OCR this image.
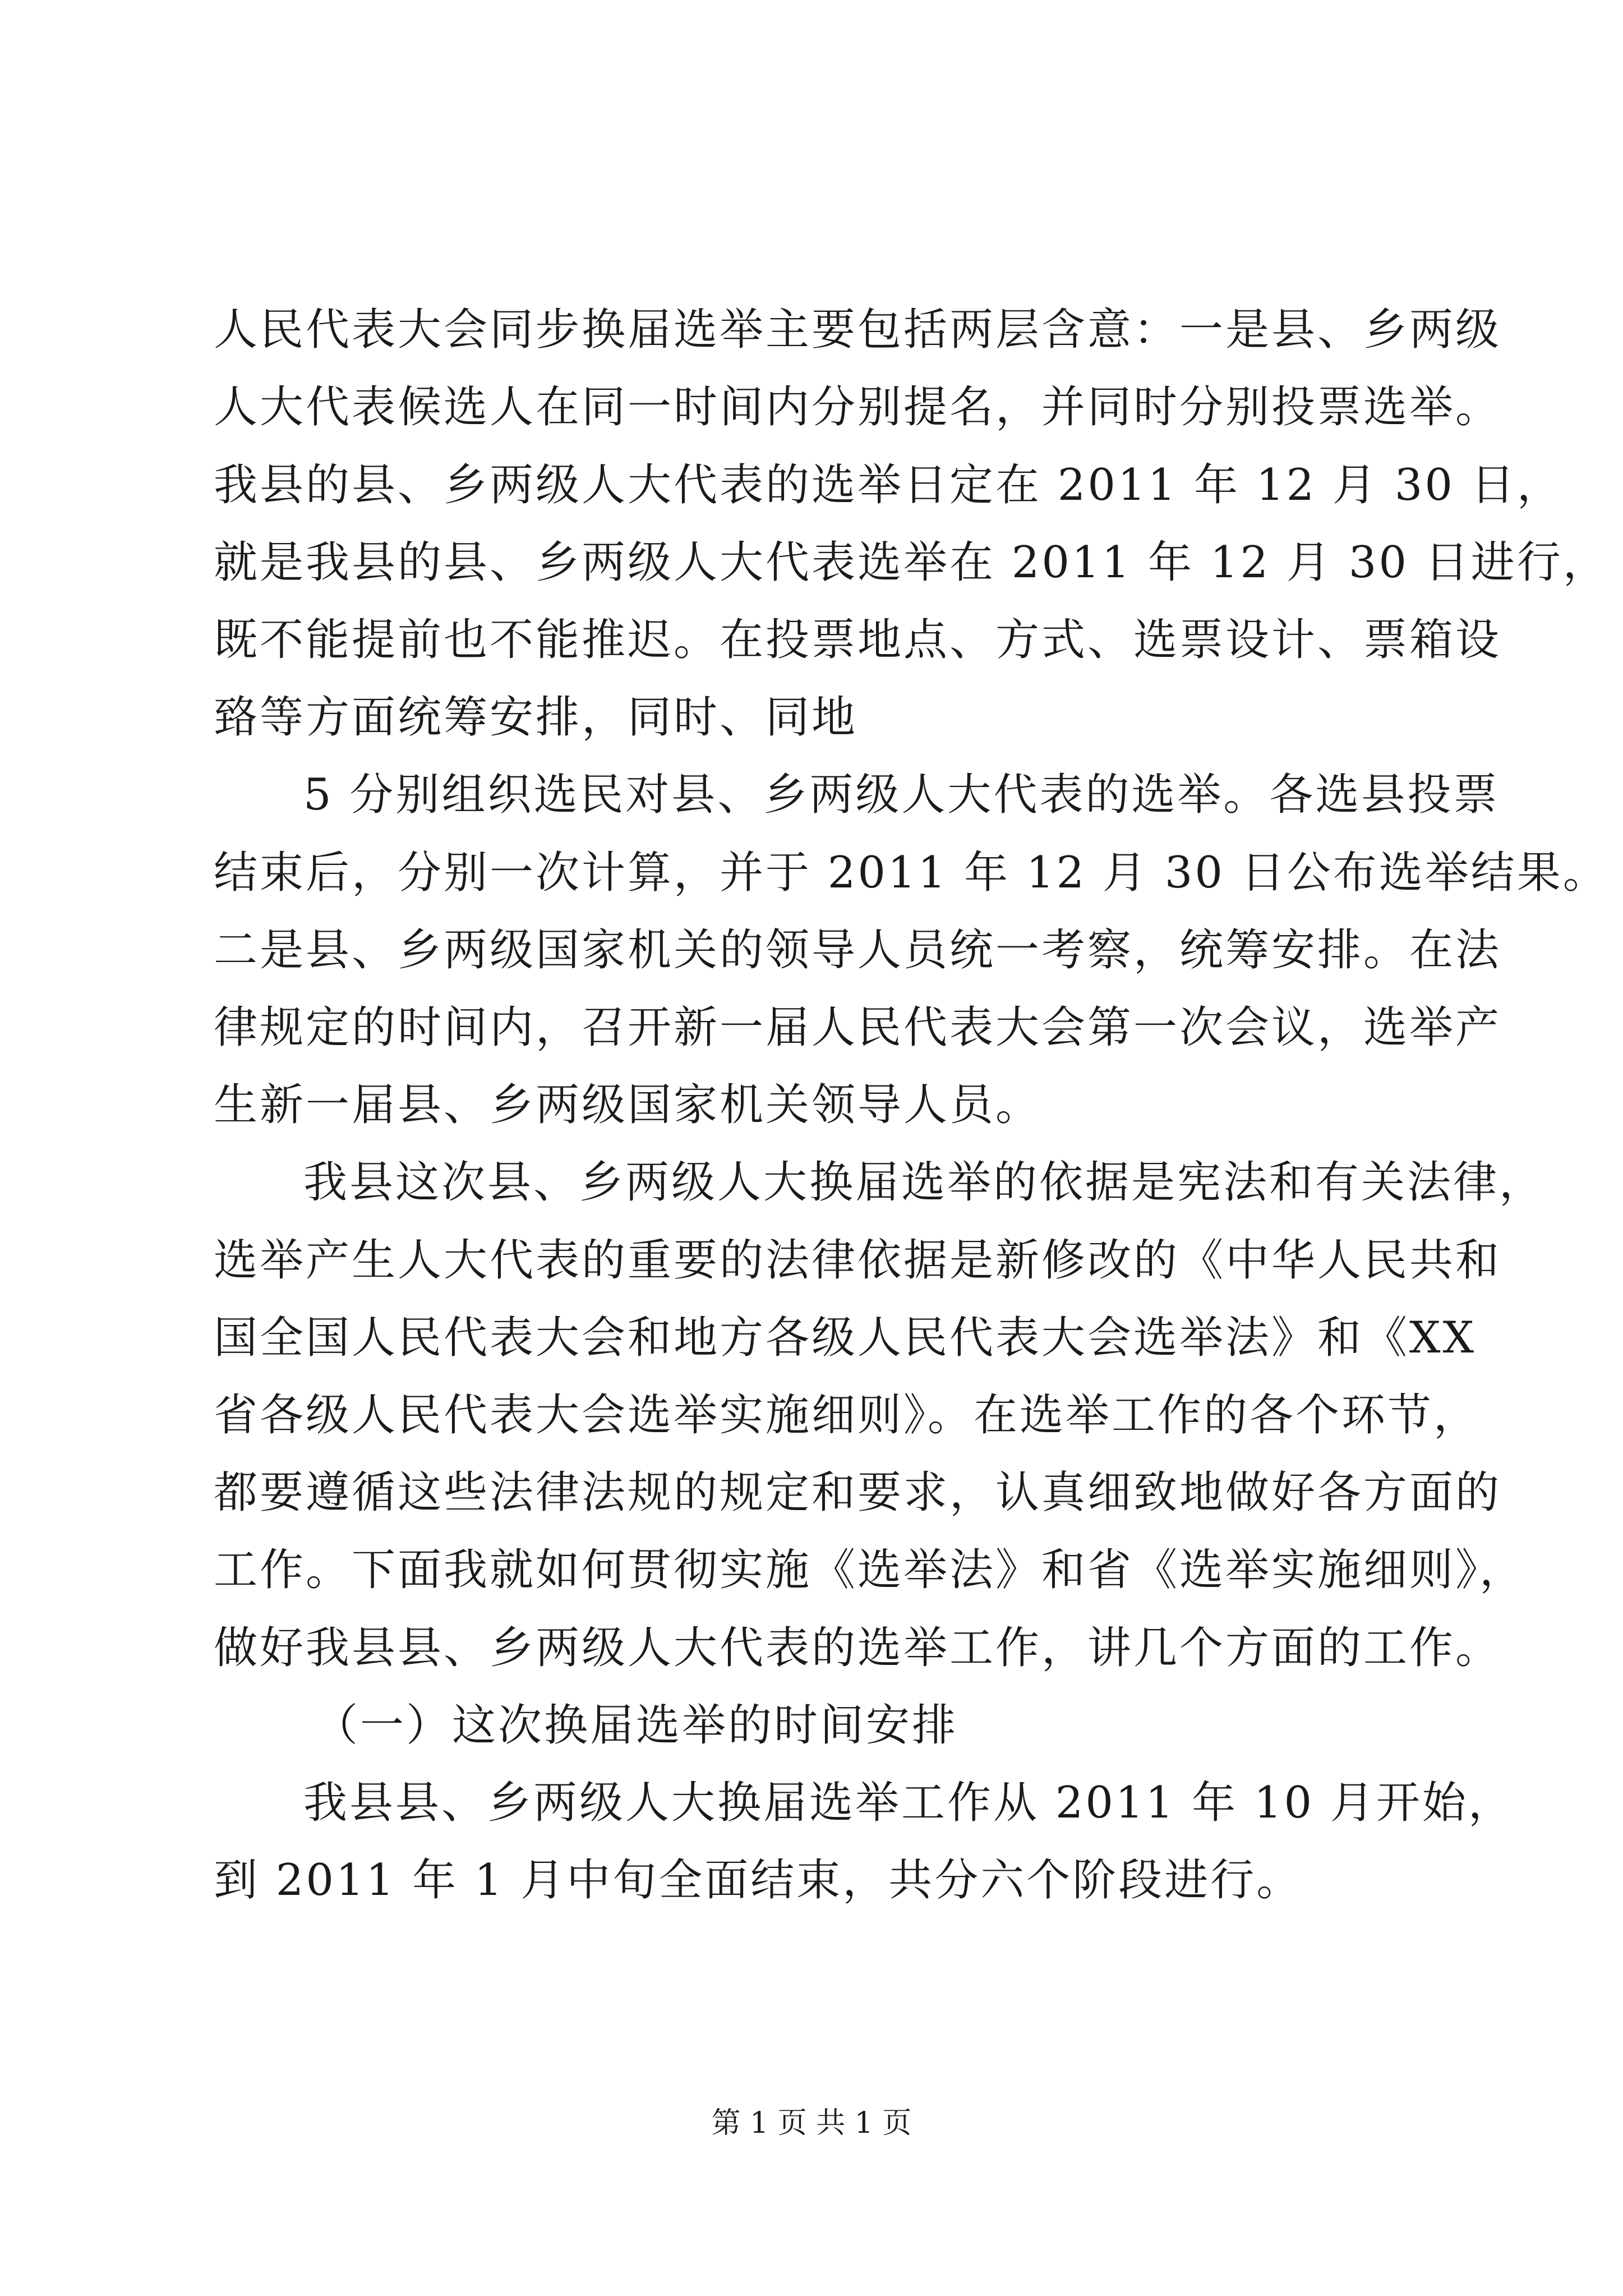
人民代表大会同步换届选举主要包括两层含意：一是县、乡两级
人大代表候选人在同一时间内分别提名，并同时分别投票选举。
我县的县、乡两级人大代表的选举日定在 2011 年 12 月 30 日，
就是我县的县、乡两级人大代表选举在 2011 年 12 月 30 日进行，
既不能提前也不能推迟。在投票地点、方式、选票设计、票箱设
臵等方面统筹安排，同时、同地
5 分别组织选民对县、乡两级人大代表的选举。各选县投票
结束后，分别一次计算，并于 2011 年 12 月 30 日公布选举结果。
二是县、乡两级国家机关的领导人员统一考察，统筹安排。在法
律规定的时间内，召开新一届人民代表大会第一次会议，选举产
生新一届县、乡两级国家机关领导人员。
我县这次县、乡两级人大换届选举的依据是宪法和有关法律，
选举产生人大代表的重要的法律依据是新修改的《中华人民共和
国全国人民代表大会和地方各级人民代表大会选举法》和《XX
省各级人民代表大会选举实施细则》。在选举工作的各个环节，
都要遵循这些法律法规的规定和要求，认真细致地做好各方面的
工作。下面我就如何贯彻实施《选举法》和省《选举实施细则》，
做好我县县、乡两级人大代表的选举工作，讲几个方面的工作。
（一）这次换届选举的时间安排
我县县、乡两级人大换届选举工作从 2011 年 10 月开始，
到 2011 年 1 月中旬全面结束，共分六个阶段进行。
第 1 页 共 1 页
